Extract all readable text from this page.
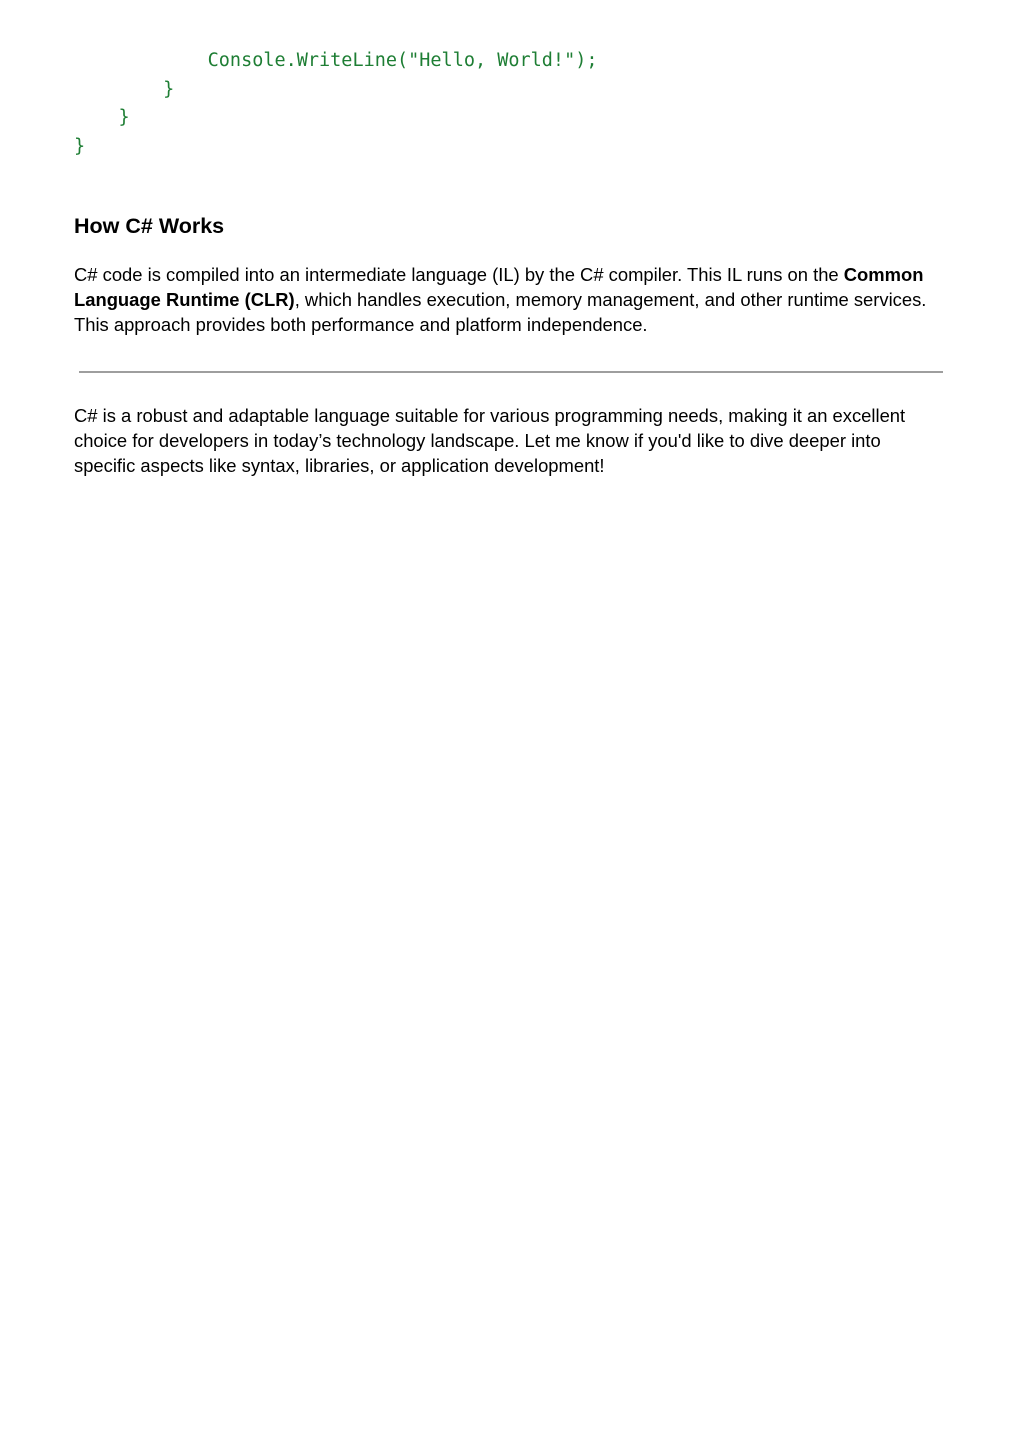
Console.WriteLine("Hello, World!");
}
}
}
How C# Works

C# code is compiled into an intermediate language (IL) by the C# compiler. This IL runs on the Common Language Runtime (CLR), which handles execution, memory management, and other runtime services. This approach provides both performance and platform independence.

C# is a robust and adaptable language suitable for various programming needs, making it an excellent choice for developers in today’s technology landscape. Let me know if you'd like to dive deeper into specific aspects like syntax, libraries, or application development!
